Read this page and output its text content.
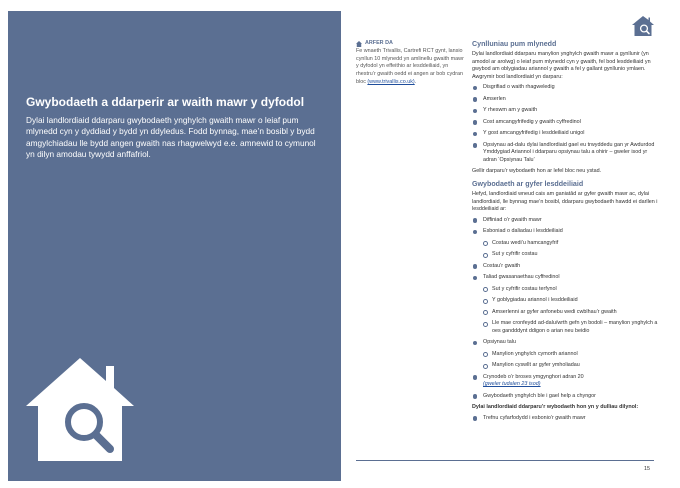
Gwybodaeth a ddarperir ar waith mawr y dyfodol
Dylai landlordiaid ddarparu gwybodaeth ynghylch gwaith mawr o leiaf pum mlynedd cyn y dyddiad y bydd yn ddyledus. Fodd bynnag, mae’n bosibl y bydd amgylchiadau lle bydd angen gwaith nas rhagwelwyd e.e. amnewid to cymunol yn dilyn amodau tywydd anffafriol.
ARFER DA
Fe wnaeth Trivallis, Cartrefi RCT gynt, lansio cynllun 10 mlynedd yn amlinellu gwaith mawr y dyfodol yn effeithio ar lesddeiliaid, yn rhestru’r gwaith oedd ei angen ar bob cydran bloc (www.trivallis.co.uk).
Cynlluniau pum mlynedd
Dylai landlordiaid ddarparu manylion ynghylch gwaith mawr a gynllunir (yn amodol ar arolwg) o leiaf pum mlynedd cyn y gwaith, fel bod lesddeiliaid yn gwybod am oblygiadau ariannol y gwaith a fel y gallant gynllunio ymlaen. Awgrymir bod landlordiaid yn darparu:
Disgrifiad o waith rhagweledig
Amserlen
Y rheswm am y gwaith
Cost amcangyfrifedig y gwaith cyffredinol
Y gost amcangyfrifedig i lesddeiliaid unigol
Opsiynau ad-dalu dylai landlordiaid gael eu trwyddedu gan yr Awdurdod Ymddygiad Ariannol i ddarparu opsiynau talu a ohirir – gweler isod yr adran ‘Opsiynau Talu’
Gellir darparu’r wybodaeth hon ar lefel bloc neu ystad.
Gwybodaeth ar gyfer lesddeiliaid
Hefyd, landlordiaid wneud cais am ganiatâd ar gyfer gwaith mawr ac, dylai landlordiaid, lle bynnag mae’n bosibl, ddarparu gwybodaeth hawdd ei darllen i lesddeiliaid ar:
Diffiniad o’r gwaith mawr
Esboniad o daliadau i lesddeiliaid
Costau wedi’u hamcangyfrif
Sut y cyfrifir costau
Costau’r gwaith
Taliad gwasanaethau cyffredinol
Sut y cyfrifir costau terfynol
Y goblygiadau ariannol i lesddeiliaid
Amserlenni ar gyfer anfonebu wedi cwblhau’r gwaith
Lle mae cronfeydd ad-dalu/wrth gefn yn bodoli – manylion ynghylch a oes gandddynt ddigon o arian neu beidio
Opsiynau talu
Manylion ynghylch cymorth ariannol
Manylion cyswllt ar gyfer ymholiadau
Crynodeb o’r broses ymgynghori adran 20
(gweler tudalen 23 isod)
Gwybodaeth ynghylch ble i gael help a chyngor
Dylai landlordiaid ddarparu’r wybodaeth hon yn y dulliau dilynol:
Trefnu cyfarfodydd i esbonio’r gwaith mawr
15
